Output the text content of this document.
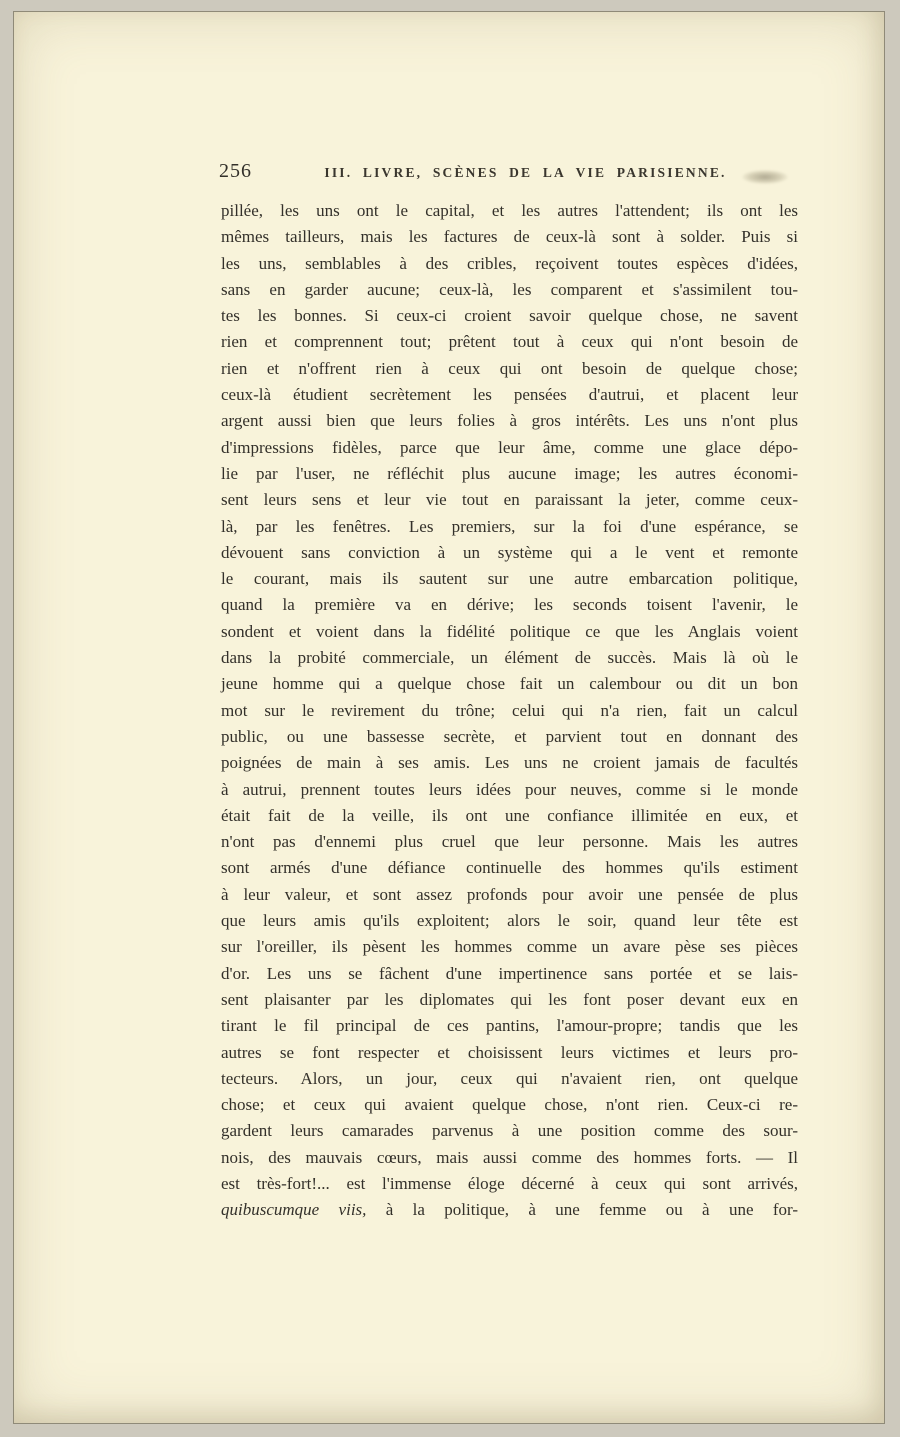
256	III. LIVRE, SCÈNES DE LA VIE PARISIENNE.
pillée, les uns ont le capital, et les autres l'attendent; ils ont les
mêmes tailleurs, mais les factures de ceux-là sont à solder. Puis si
les uns, semblables à des cribles, reçoivent toutes espèces d'idées,
sans en garder aucune; ceux-là, les comparent et s'assimilent tou-
tes les bonnes. Si ceux-ci croient savoir quelque chose, ne savent
rien et comprennent tout; prêtent tout à ceux qui n'ont besoin de
rien et n'offrent rien à ceux qui ont besoin de quelque chose;
ceux-là étudient secrètement les pensées d'autrui, et placent leur
argent aussi bien que leurs folies à gros intérêts. Les uns n'ont plus
d'impressions fidèles, parce que leur âme, comme une glace dépo-
lie par l'user, ne réfléchit plus aucune image; les autres économi-
sent leurs sens et leur vie tout en paraissant la jeter, comme ceux-
là, par les fenêtres. Les premiers, sur la foi d'une espérance, se
dévouent sans conviction à un système qui a le vent et remonte
le courant, mais ils sautent sur une autre embarcation politique,
quand la première va en dérive; les seconds toisent l'avenir, le
sondent et voient dans la fidélité politique ce que les Anglais voient
dans la probité commerciale, un élément de succès. Mais là où le
jeune homme qui a quelque chose fait un calembour ou dit un bon
mot sur le revirement du trône; celui qui n'a rien, fait un calcul
public, ou une bassesse secrète, et parvient tout en donnant des
poignées de main à ses amis. Les uns ne croient jamais de facultés
à autrui, prennent toutes leurs idées pour neuves, comme si le monde
était fait de la veille, ils ont une confiance illimitée en eux, et
n'ont pas d'ennemi plus cruel que leur personne. Mais les autres
sont armés d'une défiance continuelle des hommes qu'ils estiment
à leur valeur, et sont assez profonds pour avoir une pensée de plus
que leurs amis qu'ils exploitent; alors le soir, quand leur tête est
sur l'oreiller, ils pèsent les hommes comme un avare pèse ses pièces
d'or. Les uns se fâchent d'une impertinence sans portée et se lais-
sent plaisanter par les diplomates qui les font poser devant eux en
tirant le fil principal de ces pantins, l'amour-propre; tandis que les
autres se font respecter et choisissent leurs victimes et leurs pro-
tecteurs. Alors, un jour, ceux qui n'avaient rien, ont quelque
chose; et ceux qui avaient quelque chose, n'ont rien. Ceux-ci re-
gardent leurs camarades parvenus à une position comme des sour-
nois, des mauvais cœurs, mais aussi comme des hommes forts. — Il
est très-fort!... est l'immense éloge décerné à ceux qui sont arrivés,
quibuscumque viis, à la politique, à une femme ou à une for-
